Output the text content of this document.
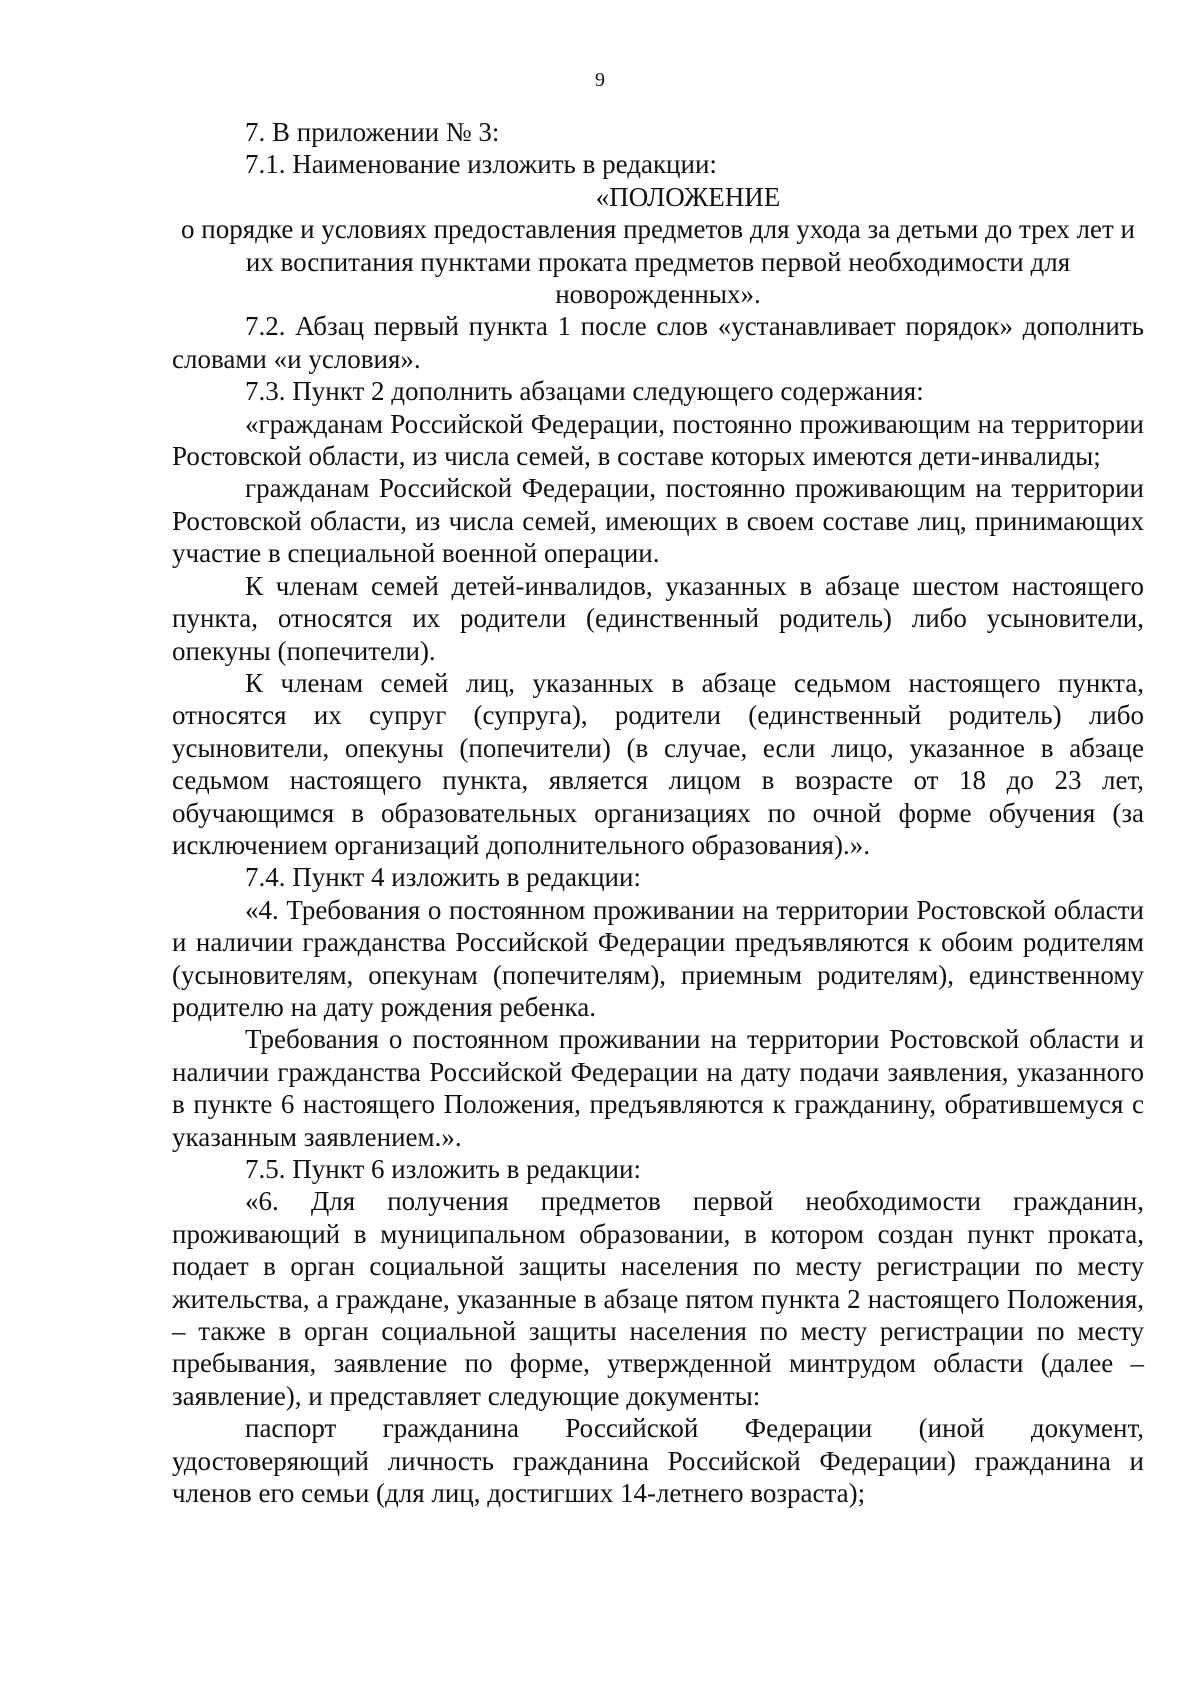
9

7. В приложении № 3:

7.1. Наименование изложить в редакции:

«ПОЛОЖЕНИЕ

о порядке и условиях предоставления предметов для ухода за детьми до трех лет и их воспитания пунктами проката предметов первой необходимости для новорожденных».

7.2. Абзац первый пункта 1 после слов «устанавливает порядок» дополнить словами «и условия».

7.3. Пункт 2 дополнить абзацами следующего содержания:

«гражданам Российской Федерации, постоянно проживающим на территории Ростовской области, из числа семей, в составе которых имеются дети-инвалиды;

гражданам Российской Федерации, постоянно проживающим на территории Ростовской области, из числа семей, имеющих в своем составе лиц, принимающих участие в специальной военной операции.

К членам семей детей-инвалидов, указанных в абзаце шестом настоящего пункта, относятся их родители (единственный родитель) либо усыновители, опекуны (попечители).

К членам семей лиц, указанных в абзаце седьмом настоящего пункта, относятся их супруг (супруга), родители (единственный родитель) либо усыновители, опекуны (попечители) (в случае, если лицо, указанное в абзаце седьмом настоящего пункта, является лицом в возрасте от 18 до 23 лет, обучающимся в образовательных организациях по очной форме обучения (за исключением организаций дополнительного образования).».

7.4. Пункт 4 изложить в редакции:

«4. Требования о постоянном проживании на территории Ростовской области и наличии гражданства Российской Федерации предъявляются к обоим родителям (усыновителям, опекунам (попечителям), приемным родителям), единственному родителю на дату рождения ребенка.

Требования о постоянном проживании на территории Ростовской области и наличии гражданства Российской Федерации на дату подачи заявления, указанного в пункте 6 настоящего Положения, предъявляются к гражданину, обратившемуся с указанным заявлением.».

7.5. Пункт 6 изложить в редакции:

«6. Для получения предметов первой необходимости гражданин, проживающий в муниципальном образовании, в котором создан пункт проката, подает в орган социальной защиты населения по месту регистрации по месту жительства, а граждане, указанные в абзаце пятом пункта 2 настоящего Положения, – также в орган социальной защиты населения по месту регистрации по месту пребывания, заявление по форме, утвержденной минтрудом области (далее – заявление), и представляет следующие документы:

паспорт гражданина Российской Федерации (иной документ, удостоверяющий личность гражданина Российской Федерации) гражданина и членов его семьи (для лиц, достигших 14-летнего возраста);
